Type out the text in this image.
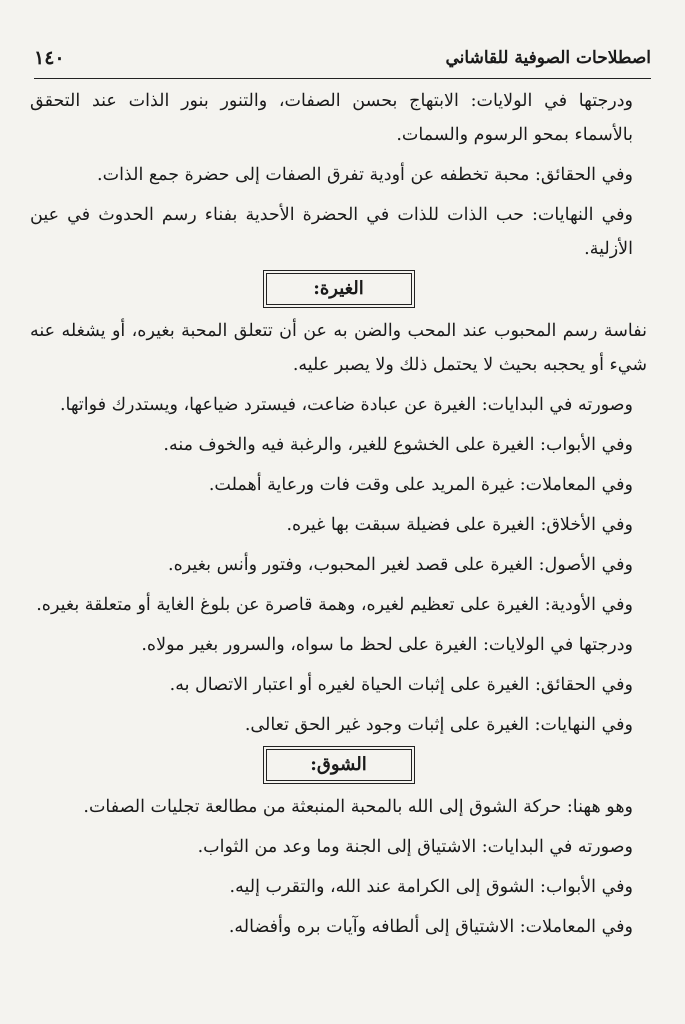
١٤٠	اصطلاحات الصوفية للقاشاني

ودرجتها في الولايات: الابتهاج بحسن الصفات، والتنور بنور الذات عند التحقق بالأسماء بمحو الرسوم والسمات.

وفي الحقائق: محبة تخطفه عن أودية تفرق الصفات إلى حضرة جمع الذات.

وفي النهايات: حب الذات للذات في الحضرة الأحدية بفناء رسم الحدوث في عين الأزلية.

الغيرة:

نفاسة رسم المحبوب عند المحب والضن به عن أن تتعلق المحبة بغيره، أو يشغله عنه شيء أو يحجبه بحيث لا يحتمل ذلك ولا يصبر عليه.

وصورته في البدايات: الغيرة عن عبادة ضاعت، فيسترد ضياعها، ويستدرك فواتها.

وفي الأبواب: الغيرة على الخشوع للغير، والرغبة فيه والخوف منه.

وفي المعاملات: غيرة المريد على وقت فات ورعاية أهملت.

وفي الأخلاق: الغيرة على فضيلة سبقت بها غيره.

وفي الأصول: الغيرة على قصد لغير المحبوب، وفتور وأنس بغيره.

وفي الأودية: الغيرة على تعظيم لغيره، وهمة قاصرة عن بلوغ الغاية أو متعلقة بغيره.

ودرجتها في الولايات: الغيرة على لحظ ما سواه، والسرور بغير مولاه.

وفي الحقائق: الغيرة على إثبات الحياة لغيره أو اعتبار الاتصال به.

وفي النهايات: الغيرة على إثبات وجود غير الحق تعالى.

الشوق:

وهو ههنا: حركة الشوق إلى الله بالمحبة المنبعثة من مطالعة تجليات الصفات.

وصورته في البدايات: الاشتياق إلى الجنة وما وعد من الثواب.

وفي الأبواب: الشوق إلى الكرامة عند الله، والتقرب إليه.

وفي المعاملات: الاشتياق إلى ألطافه وآيات بره وأفضاله.
